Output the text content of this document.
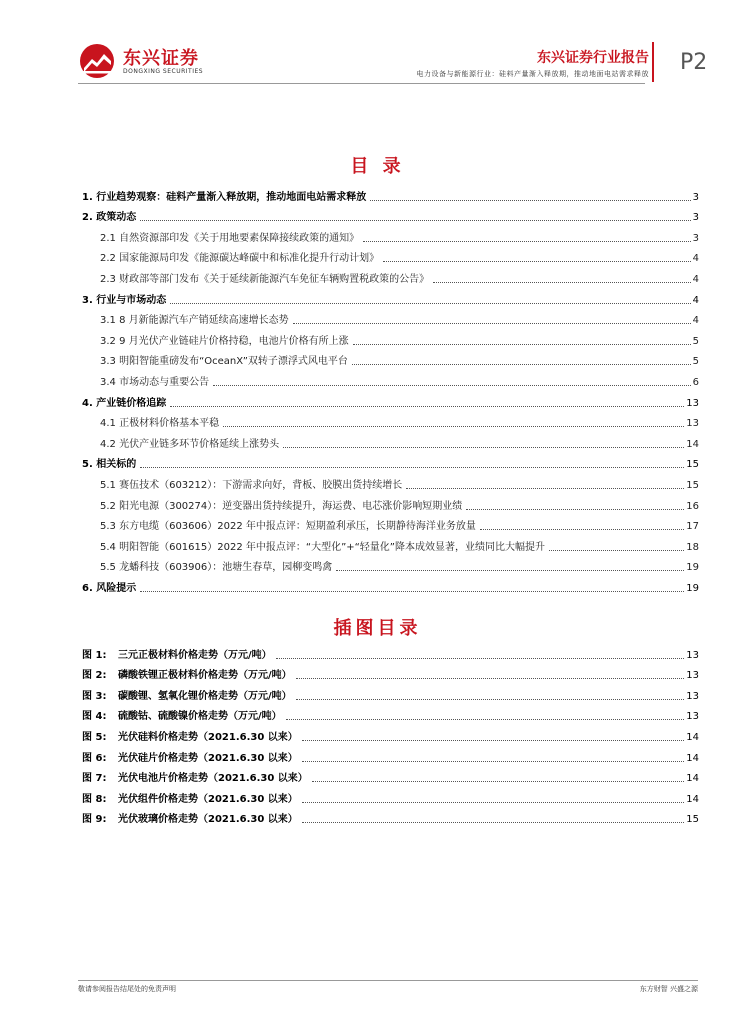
东兴证券
DONGXING SECURITIES
东兴证券行业报告
电力设备与新能源行业：硅料产量渐入释放期，推动地面电站需求释放 P2
目 录
1. 行业趋势观察：硅料产量渐入释放期，推动地面电站需求释放	3
2. 政策动态	3
2.1 自然资源部印发《关于用地要素保障接续政策的通知》	3
2.2 国家能源局印发《能源碳达峰碳中和标准化提升行动计划》	4
2.3 财政部等部门发布《关于延续新能源汽车免征车辆购置税政策的公告》	4
3. 行业与市场动态	4
3.1 8 月新能源汽车产销延续高速增长态势	4
3.2 9 月光伏产业链硅片价格持稳，电池片价格有所上涨	5
3.3 明阳智能重磅发布“OceanX”双转子漂浮式风电平台	5
3.4 市场动态与重要公告	6
4. 产业链价格追踪	13
4.1 正极材料价格基本平稳	13
4.2 光伏产业链多环节价格延续上涨势头	14
5. 相关标的	15
5.1 赛伍技术（603212）：下游需求向好，背板、胶膜出货持续增长	15
5.2 阳光电源（300274）：逆变器出货持续提升，海运费、电芯涨价影响短期业绩	16
5.3 东方电缆（603606）2022 年中报点评：短期盈利承压，长期静待海洋业务放量	17
5.4 明阳智能（601615）2022 年中报点评：“大型化”+“轻量化”降本成效显著，业绩同比大幅提升	18
5.5 龙蟠科技（603906）：池塘生春草，园柳变鸣禽	19
6. 风险提示	19
插图目录
图 1: 三元正极材料价格走势（万元/吨）	13
图 2: 磷酸铁锂正极材料价格走势（万元/吨）	13
图 3: 碳酸锂、氢氧化锂价格走势（万元/吨）	13
图 4: 硫酸钴、硫酸镍价格走势（万元/吨）	13
图 5: 光伏硅料价格走势（2021.6.30 以来）	14
图 6: 光伏硅片价格走势（2021.6.30 以来）	14
图 7: 光伏电池片价格走势（2021.6.30 以来）	14
图 8: 光伏组件价格走势（2021.6.30 以来）	14
图 9: 光伏玻璃价格走势（2021.6.30 以来）	15
敬请参阅报告结尾处的免责声明	东方财智 兴盛之源
